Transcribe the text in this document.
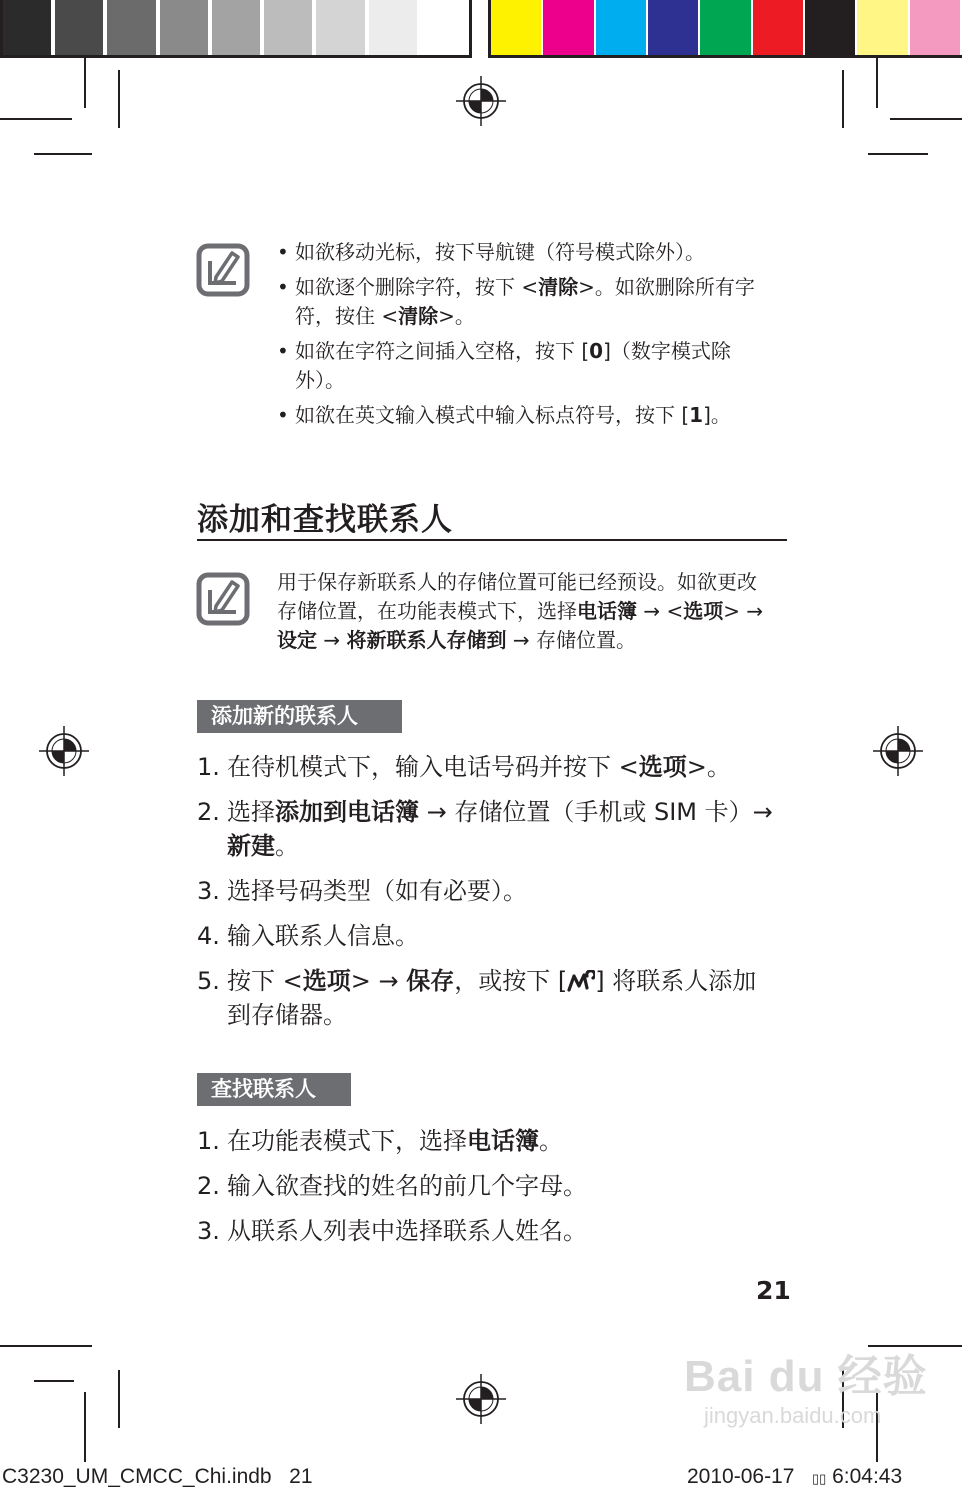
• 如欲移动光标，按下导航键（符号模式除外）。
• 如欲逐个删除字符，按下 <清除>。如欲删除所有字符，按住 <清除>。
• 如欲在字符之间插入空格，按下 [0]（数字模式除外）。
• 如欲在英文输入模式中输入标点符号，按下 [1]。
添加和查找联系人
用于保存新联系人的存储位置可能已经预设。如欲更改存储位置，在功能表模式下，选择电话簿 → <选项> → 设定 → 将新联系人存储到 → 存储位置。
添加新的联系人
1. 在待机模式下，输入电话号码并按下 <选项>。
2. 选择添加到电话簿 → 存储位置（手机或 SIM 卡）→ 新建。
3. 选择号码类型（如有必要）。
4. 输入联系人信息。
5. 按下 <选项> → 保存，或按下 [ ] 将联系人添加到存储器。
查找联系人
1. 在功能表模式下，选择电话簿。
2. 输入欲查找的姓名的前几个字母。
3. 从联系人列表中选择联系人姓名。
21
Bai du 经验
jingyan.baidu.com
C3230_UM_CMCC_Chi.indb 21	2010-06-17 ▯▯ 6:04:43
